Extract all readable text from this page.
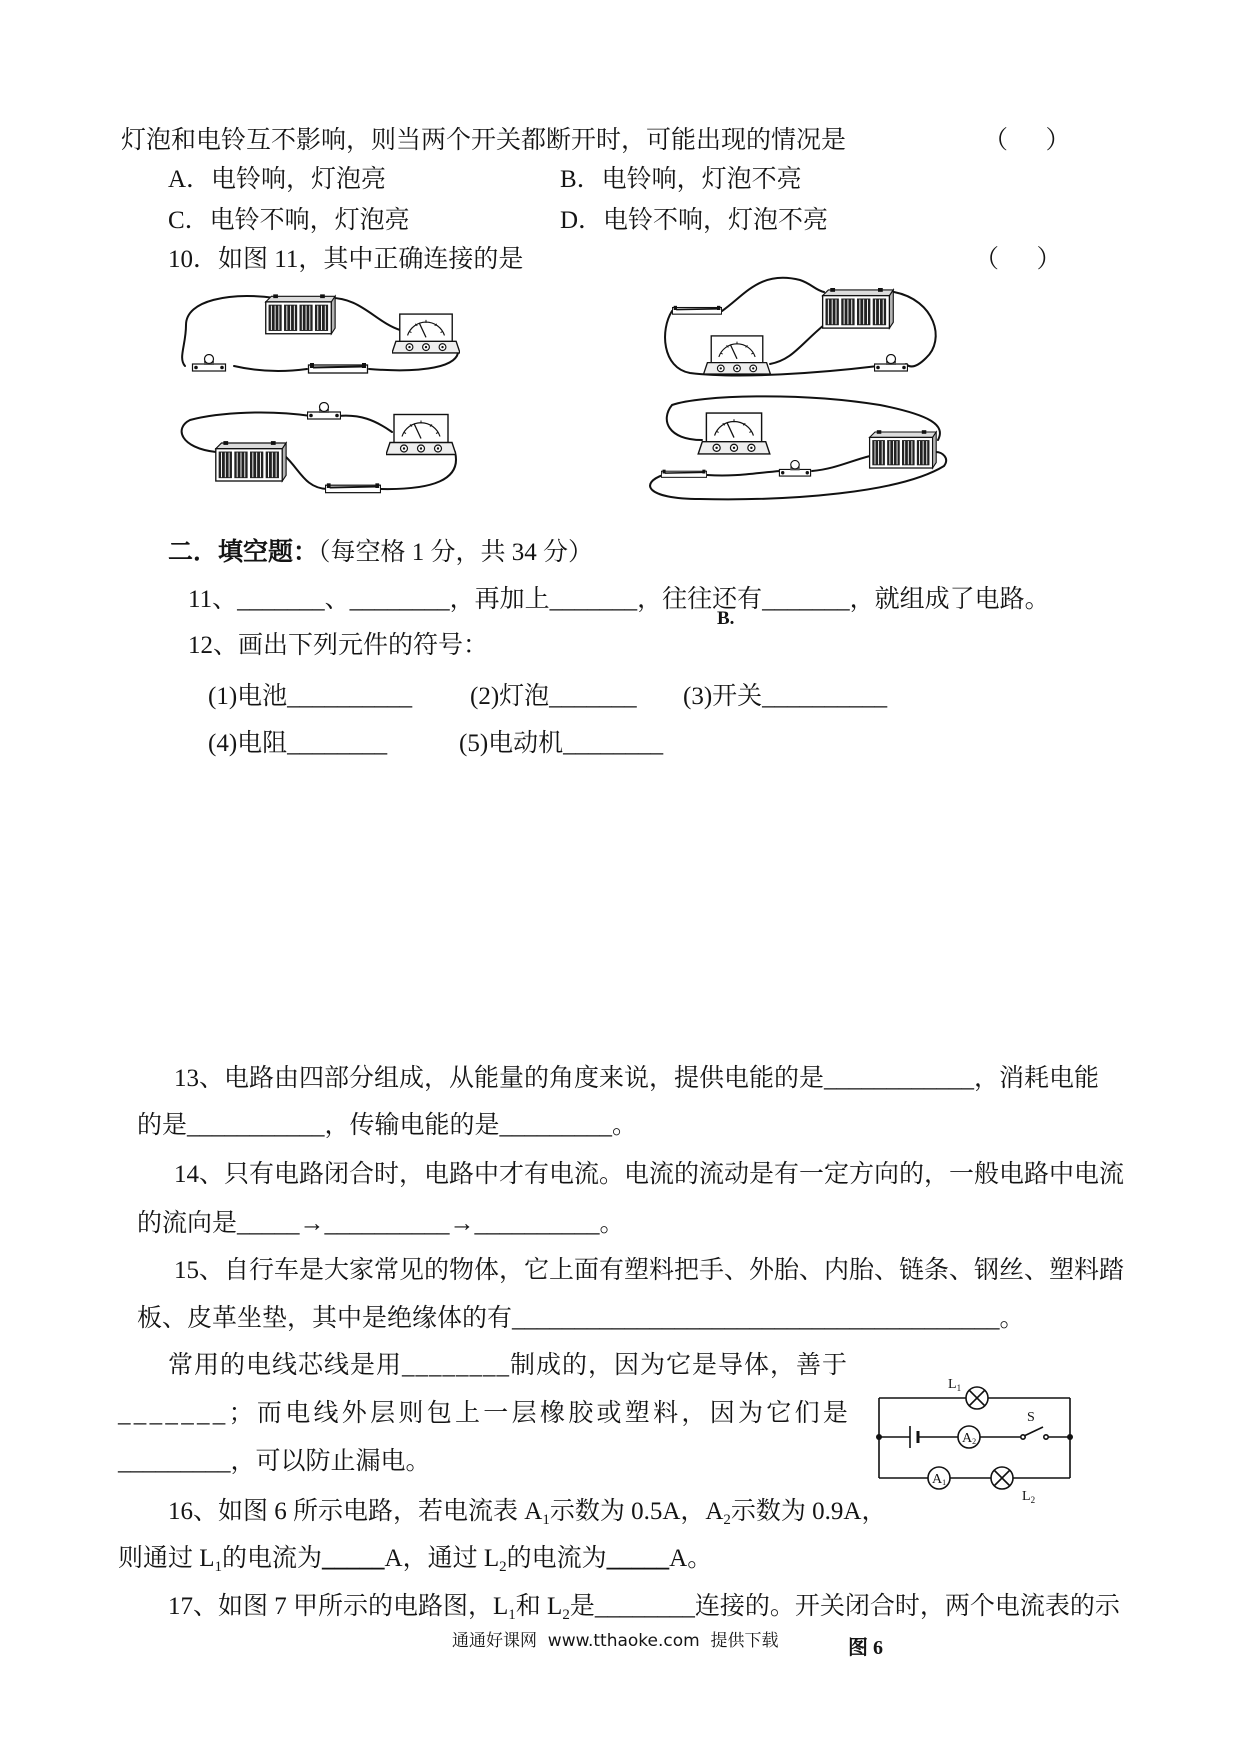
灯泡和电铃互不影响，则当两个开关都断开时，可能出现的情况是	（      ）
A．电铃响，灯泡亮	B．电铃响，灯泡不亮
C．电铃不响，灯泡亮	D．电铃不响，灯泡不亮
10．如图 11，其中正确连接的是	（      ）
二．填空题：（每空格 1 分，共 34 分）
11、_______、________，再加上_______，往往还有_______，就组成了电路。
B.
12、画出下列元件的符号：
(1)电池__________ (2)灯泡_______ (3)开关__________
(4)电阻________	(5)电动机________
13、电路由四部分组成，从能量的角度来说，提供电能的是____________，消耗电能
的是___________，传输电能的是_________。
14、只有电路闭合时，电路中才有电流。电流的流动是有一定方向的，一般电路中电流
的流向是_____→__________→__________。
15、自行车是大家常见的物体，它上面有塑料把手、外胎、内胎、链条、钢丝、塑料踏
板、皮革坐垫，其中是绝缘体的有_______________________________________。
常用的电线芯线是用________制成的，因为它是导体，善于
_______；而电线外层则包上一层橡胶或塑料，因为它们是
_________，可以防止漏电。
$L_1$
A2
S
A1
$L_2$
16、如图 6 所示电路，若电流表 $A_1$示数为 0.5A，$A_2$示数为 0.9A，
则通过 $L_1$的电流为_____A，通过 $L_2$的电流为_____A。
17、如图 7 甲所示的电路图，$L_1$和 $L_2$是________连接的。开关闭合时，两个电流表的示
通通好课网  www.tthaoke.com  提供下载	图 6
